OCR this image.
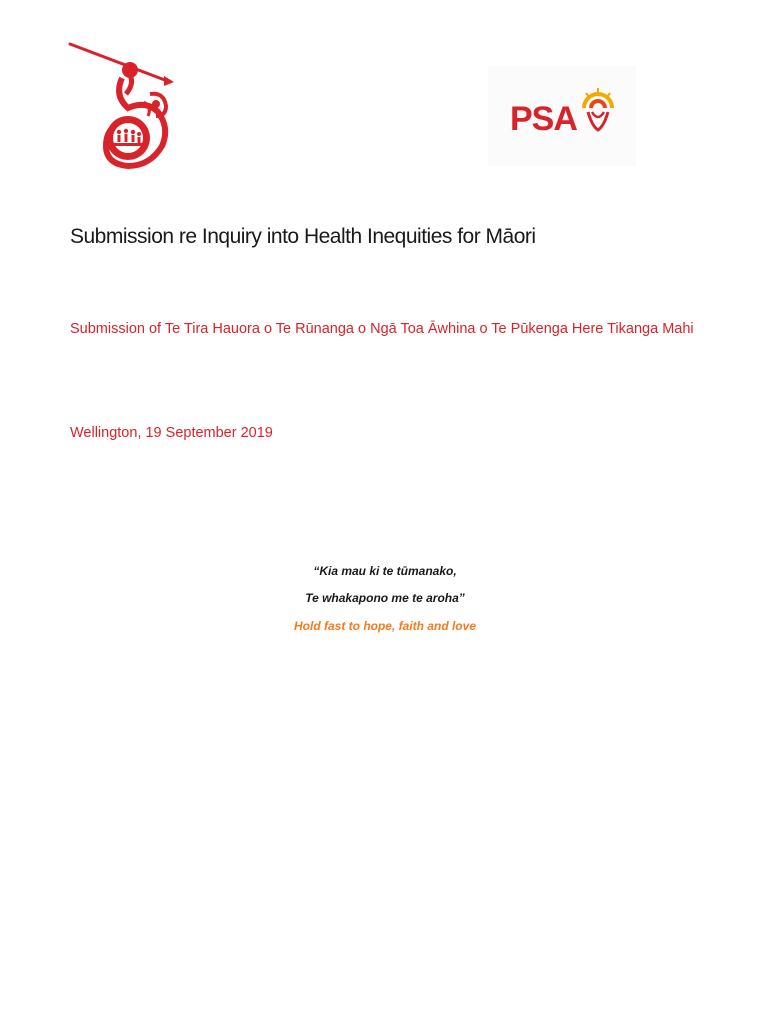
PSA
Submission re Inquiry into Health Inequities for Māori
Submission of Te Tira Hauora o Te Rūnanga o Ngā Toa Āwhina o Te Pūkenga Here Tikanga Mahi
Wellington, 19 September 2019
“Kia mau ki te tūmanako,
Te whakapono me te aroha”
Hold fast to hope, faith and love
